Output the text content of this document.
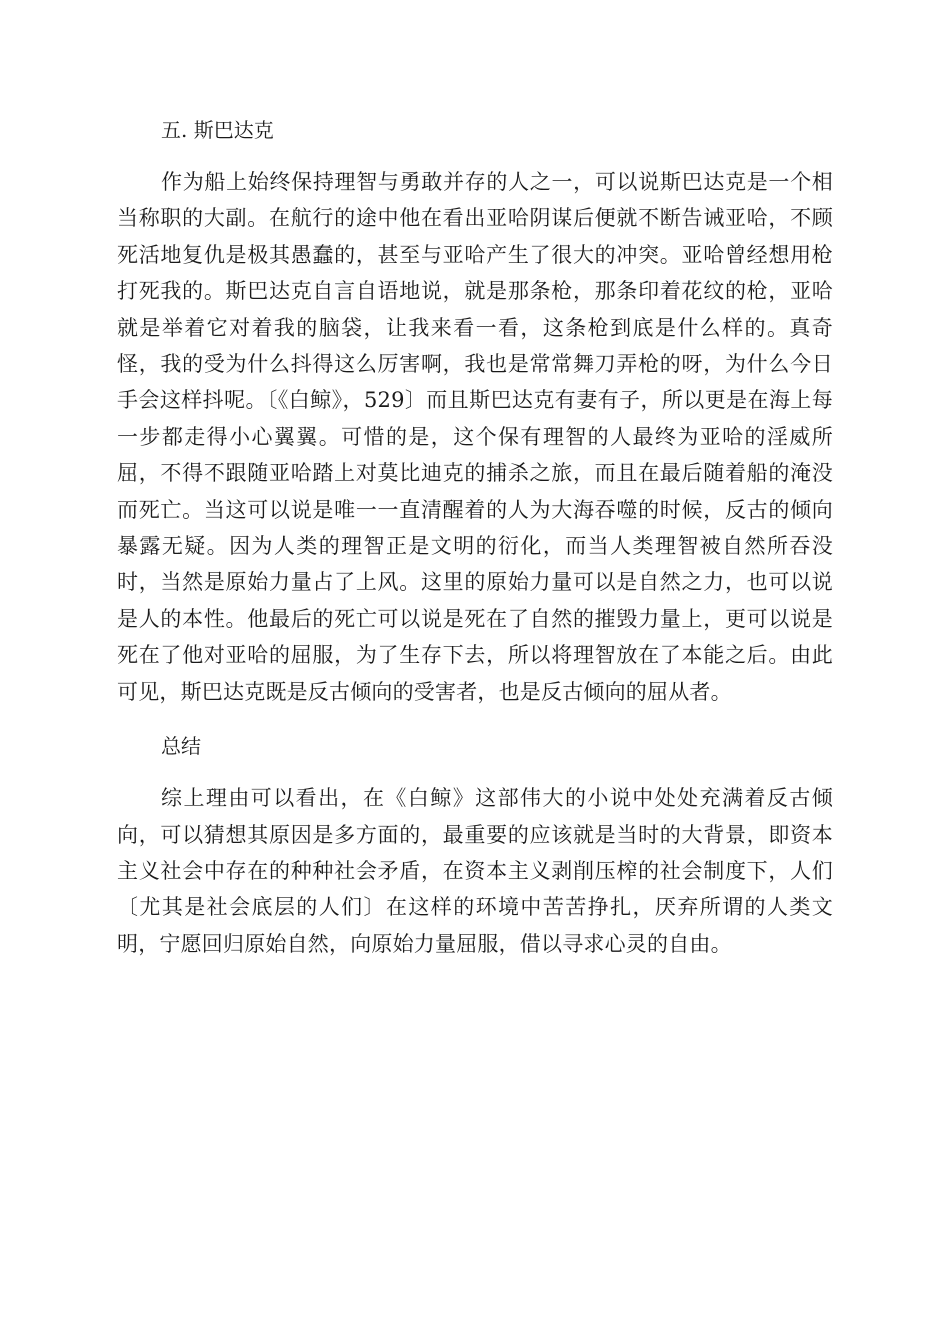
五. 斯巴达克

作为船上始终保持理智与勇敢并存的人之一，可以说斯巴达克是一个相当称职的大副。在航行的途中他在看出亚哈阴谋后便就不断告诫亚哈，不顾死活地复仇是极其愚蠢的，甚至与亚哈产生了很大的冲突。亚哈曾经想用枪打死我的。斯巴达克自言自语地说，就是那条枪，那条印着花纹的枪，亚哈就是举着它对着我的脑袋，让我来看一看，这条枪到底是什么样的。真奇怪，我的受为什么抖得这么厉害啊，我也是常常舞刀弄枪的呀，为什么今日手会这样抖呢。〔《白鲸》，529〕而且斯巴达克有妻有子，所以更是在海上每一步都走得小心翼翼。可惜的是，这个保有理智的人最终为亚哈的淫威所屈，不得不跟随亚哈踏上对莫比迪克的捕杀之旅，而且在最后随着船的淹没而死亡。当这可以说是唯一一直清醒着的人为大海吞噬的时候，反古的倾向暴露无疑。因为人类的理智正是文明的衍化，而当人类理智被自然所吞没时，当然是原始力量占了上风。这里的原始力量可以是自然之力，也可以说是人的本性。他最后的死亡可以说是死在了自然的摧毁力量上，更可以说是死在了他对亚哈的屈服，为了生存下去，所以将理智放在了本能之后。由此可见，斯巴达克既是反古倾向的受害者，也是反古倾向的屈从者。

总结

综上理由可以看出，在《白鲸》这部伟大的小说中处处充满着反古倾向，可以猜想其原因是多方面的，最重要的应该就是当时的大背景，即资本主义社会中存在的种种社会矛盾，在资本主义剥削压榨的社会制度下，人们〔尤其是社会底层的人们〕在这样的环境中苦苦挣扎，厌弃所谓的人类文明，宁愿回归原始自然，向原始力量屈服，借以寻求心灵的自由。
